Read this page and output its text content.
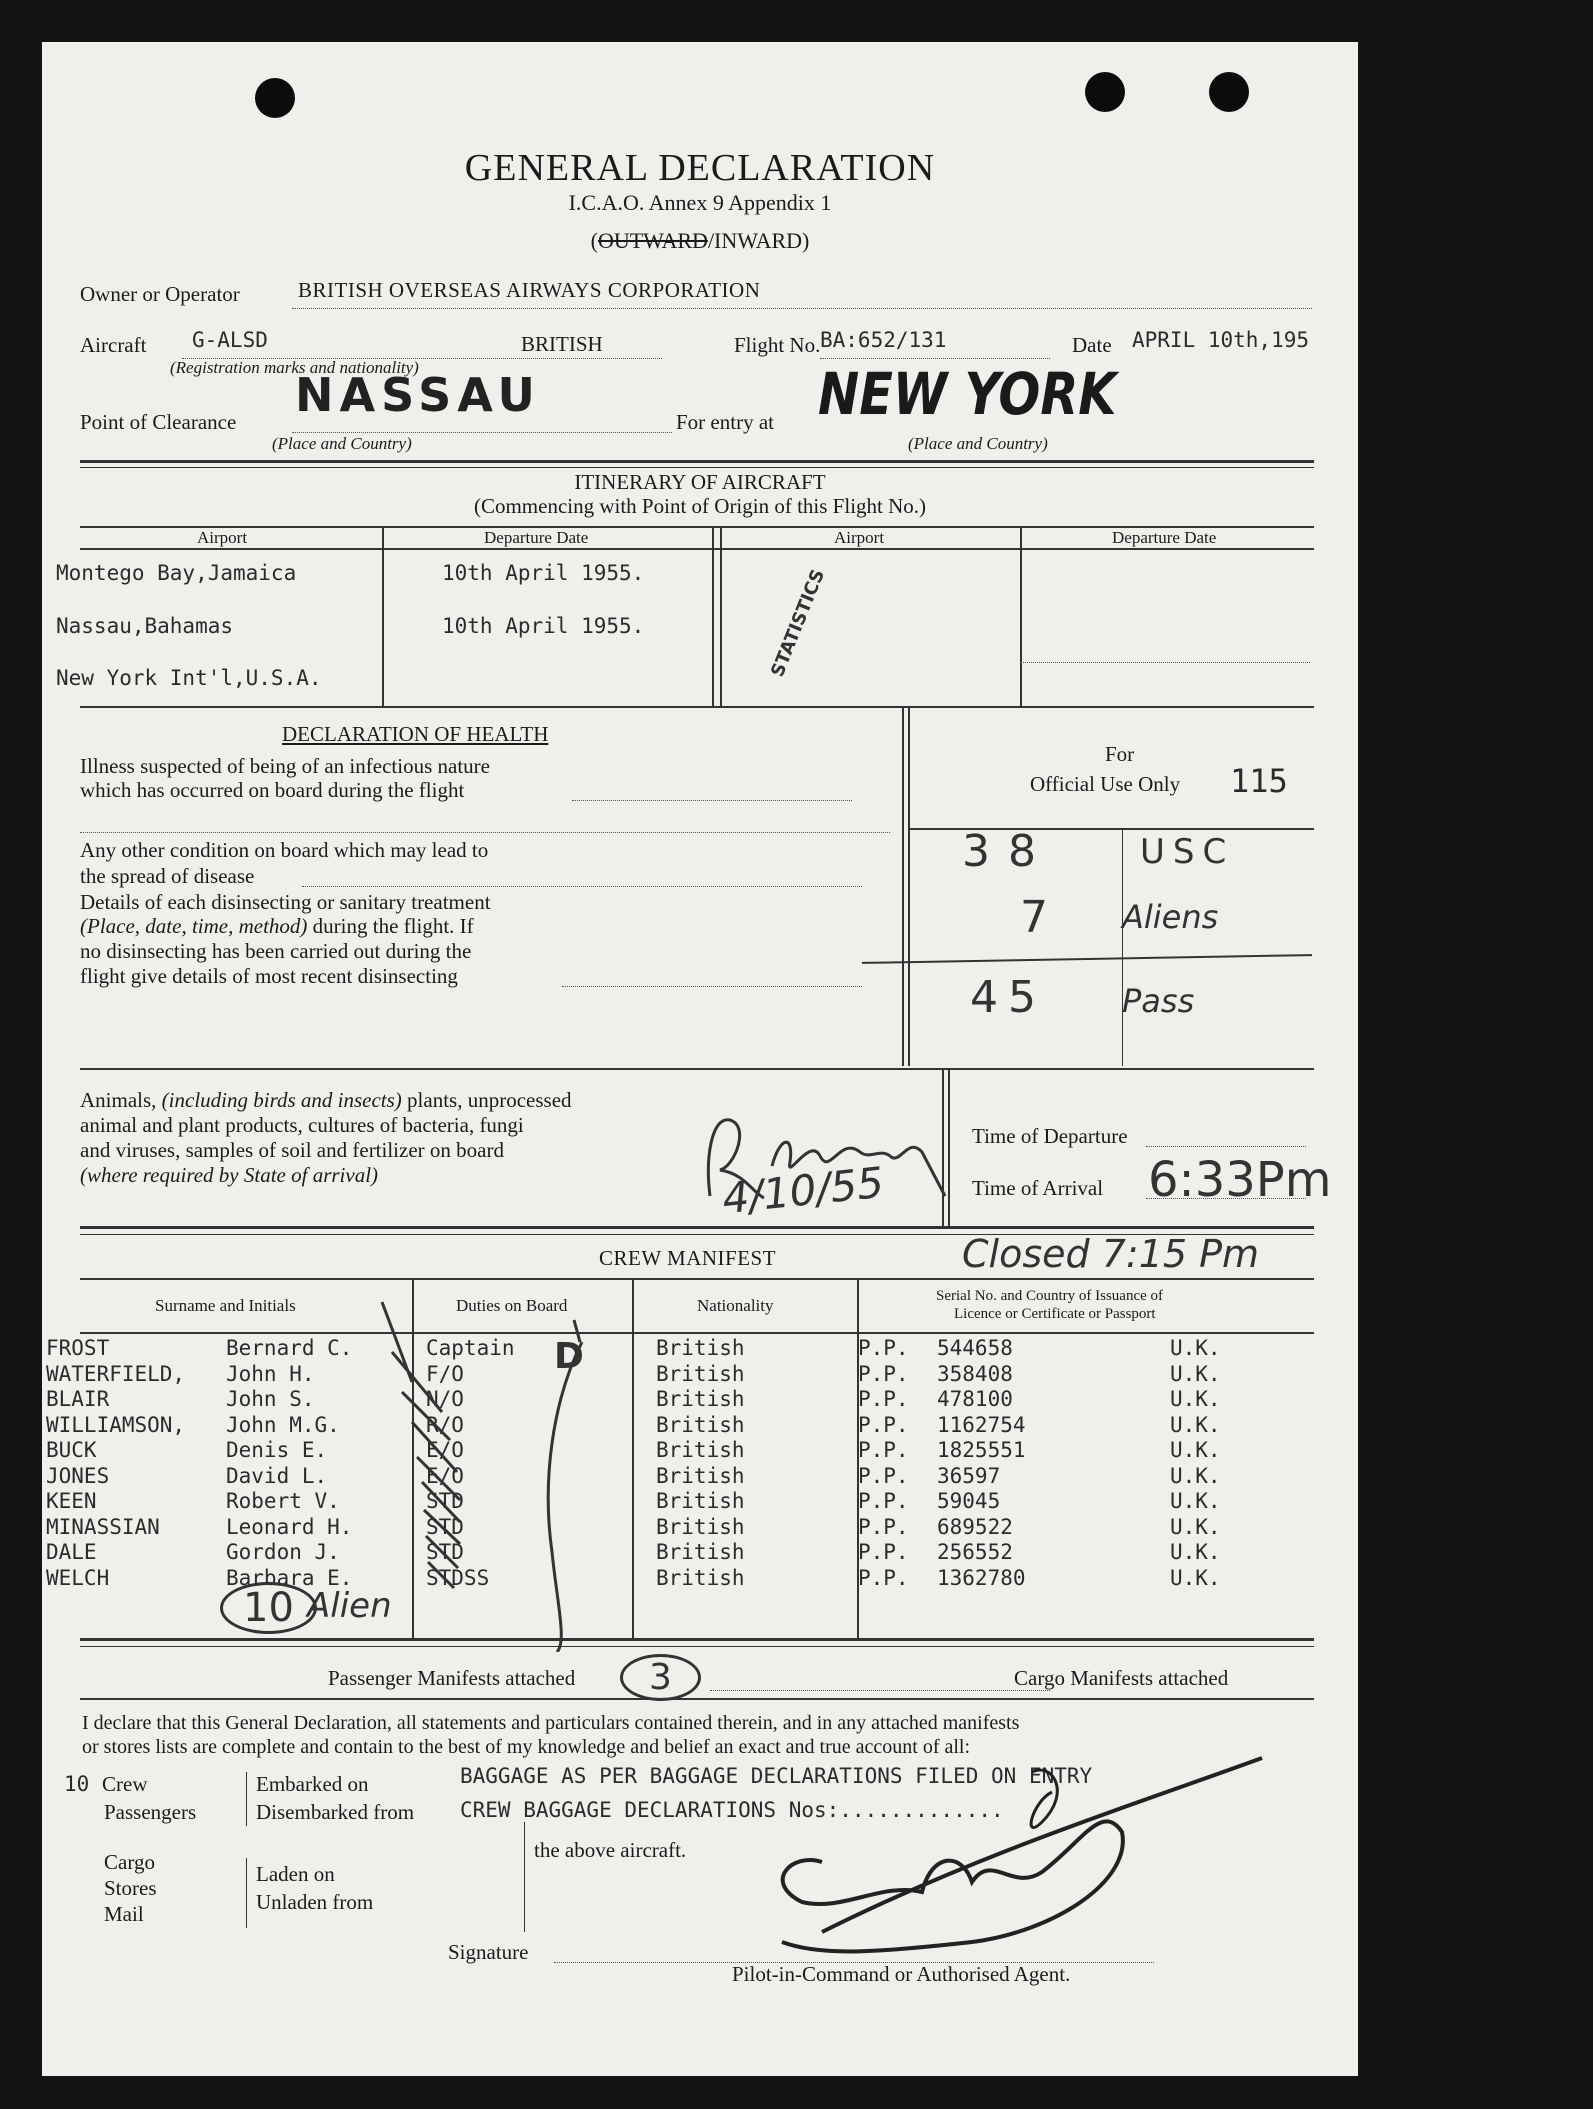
GENERAL DECLARATION
I.C.A.O. Annex 9 Appendix 1
(OUTWARD/INWARD)
Owner or Operator	BRITISH OVERSEAS AIRWAYS CORPORATION
Aircraft G-ALSD	BRITISH
(Registration marks and nationality)
Flight No. BA:652/131	Date APRIL 10th,195
Point of Clearance NASSAU
(Place and Country)
For entry at NEW YORK
(Place and Country)
ITINERARY OF AIRCRAFT
(Commencing with Point of Origin of this Flight No.)
Airport	Departure Date	Airport	Departure Date
Montego Bay,Jamaica	10th April 1955.
Nassau,Bahamas	10th April 1955.
New York Int'l,U.S.A.	STATISTICS
DECLARATION OF HEALTH
Illness suspected of being of an infectious nature
which has occurred on board during the flight
Any other condition on board which may lead to
the spread of disease
Details of each disinsecting or sanitary treatment
(Place, date, time, method) during the flight. If
no disinsecting has been carried out during the
flight give details of most recent disinsecting
For
Official Use Only 115
38	USC
7 Aliens
45 Pass
Animals, (including birds and insects) plants, unprocessed
animal and plant products, cultures of bacteria, fungi
and viruses, samples of soil and fertilizer on board
(where required by State of arrival)	4/10/55
Time of Departure
Time of Arrival 6:33Pm
Closed 7:15 Pm
CREW MANIFEST
Surname and Initials	Duties on Board	Nationality	Serial No. and Country of Issuance of
Licence or Certificate or Passport
FROST	Bernard C.	Captain	British	P.P. 544658	U.K.
WATERFIELD, John H.	F/O	British	P.P. 358408	U.K.
BLAIR	John S.	N/O	British	P.P. 478100	U.K.
WILLIAMSON, John M.G.	R/O	British	P.P. 1162754	U.K.
BUCK	Denis E.	E/O	British	P.P. 1825551	U.K.
JONES	David L.	E/O	British	P.P. 36597	U.K.
KEEN	Robert V.	STD	British	P.P. 59045	U.K.
MINASSIAN	Leonard H.	STD	British	P.P. 689522	U.K.
DALE	Gordon J.	STD	British	P.P. 256552	U.K.
WELCH	Barbara E.	STDSS	British	P.P. 1362780	U.K.
D
10 Alien
Passenger Manifests attached	3	Cargo Manifests attached
I declare that this General Declaration, all statements and particulars contained therein, and in any attached manifests
or stores lists are complete and contain to the best of my knowledge and belief an exact and true account of all:
10 Crew
Passengers
Embarked on
Disembarked from
BAGGAGE AS PER BAGGAGE DECLARATIONS FILED ON ENTRY
CREW BAGGAGE DECLARATIONS Nos:.............
the above aircraft.
Cargo
Stores
Mail
Laden on
Unladen from
Signature
Pilot-in-Command or Authorised Agent.
